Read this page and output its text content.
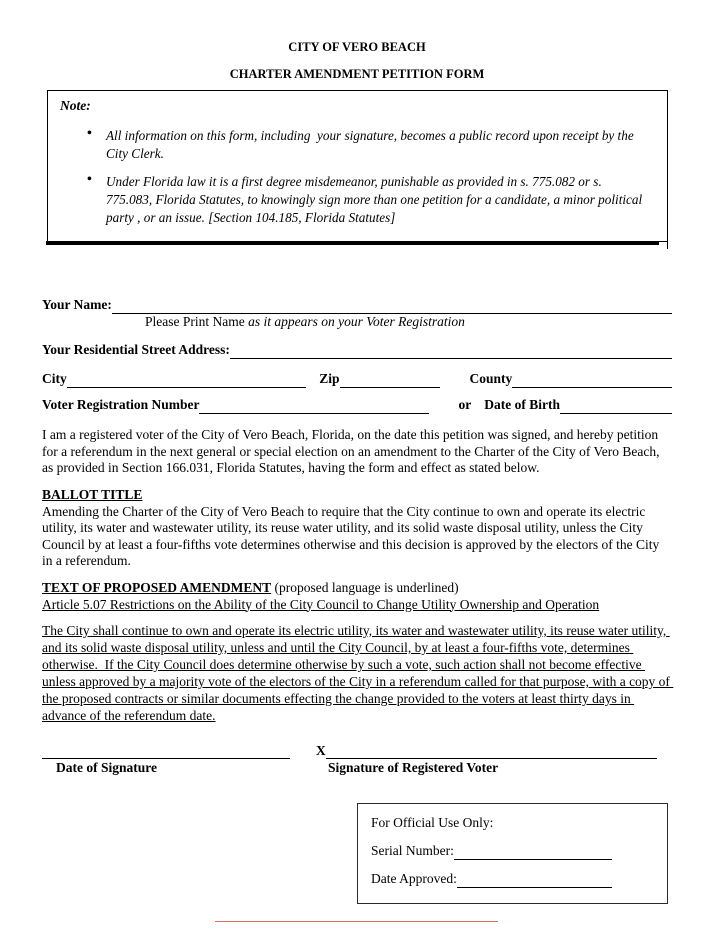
CITY OF VERO BEACH
CHARTER AMENDMENT PETITION FORM
Note:
• All information on this form, including  your signature, becomes a public record upon receipt by the City Clerk.
• Under Florida law it is a first degree misdemeanor, punishable as provided in s. 775.082 or s. 775.083, Florida Statutes, to knowingly sign more than one petition for a candidate, a minor political party , or an issue. [Section 104.185, Florida Statutes]
Your Name:
Please Print Name as it appears on your Voter Registration
Your Residential Street Address:
City	Zip	County
Voter Registration Number	or Date of Birth

I am a registered voter of the City of Vero Beach, Florida, on the date this petition was signed, and hereby petition for a referendum in the next general or special election on an amendment to the Charter of the City of Vero Beach, as provided in Section 166.031, Florida Statutes, having the form and effect as stated below.

BALLOT TITLE

Amending the Charter of the City of Vero Beach to require that the City continue to own and operate its electric utility, its water and wastewater utility, its reuse water utility, and its solid waste disposal utility, unless the City Council by at least a four-fifths vote determines otherwise and this decision is approved by the electors of the City in a referendum.

TEXT OF PROPOSED AMENDMENT (proposed language is underlined)

Article 5.07 Restrictions on the Ability of the City Council to Change Utility Ownership and Operation

The City shall continue to own and operate its electric utility, its water and wastewater utility, its reuse water utility, and its solid waste disposal utility, unless and until the City Council, by at least a four-fifths vote, determines otherwise.  If the City Council does determine otherwise by such a vote, such action shall not become effective unless approved by a majority vote of the electors of the City in a referendum called for that purpose, with a copy of the proposed contracts or similar documents effecting the change provided to the voters at least thirty days in advance of the referendum date.

X
Date of Signature	Signature of Registered Voter
For Official Use Only:
Serial Number:
Date Approved:
